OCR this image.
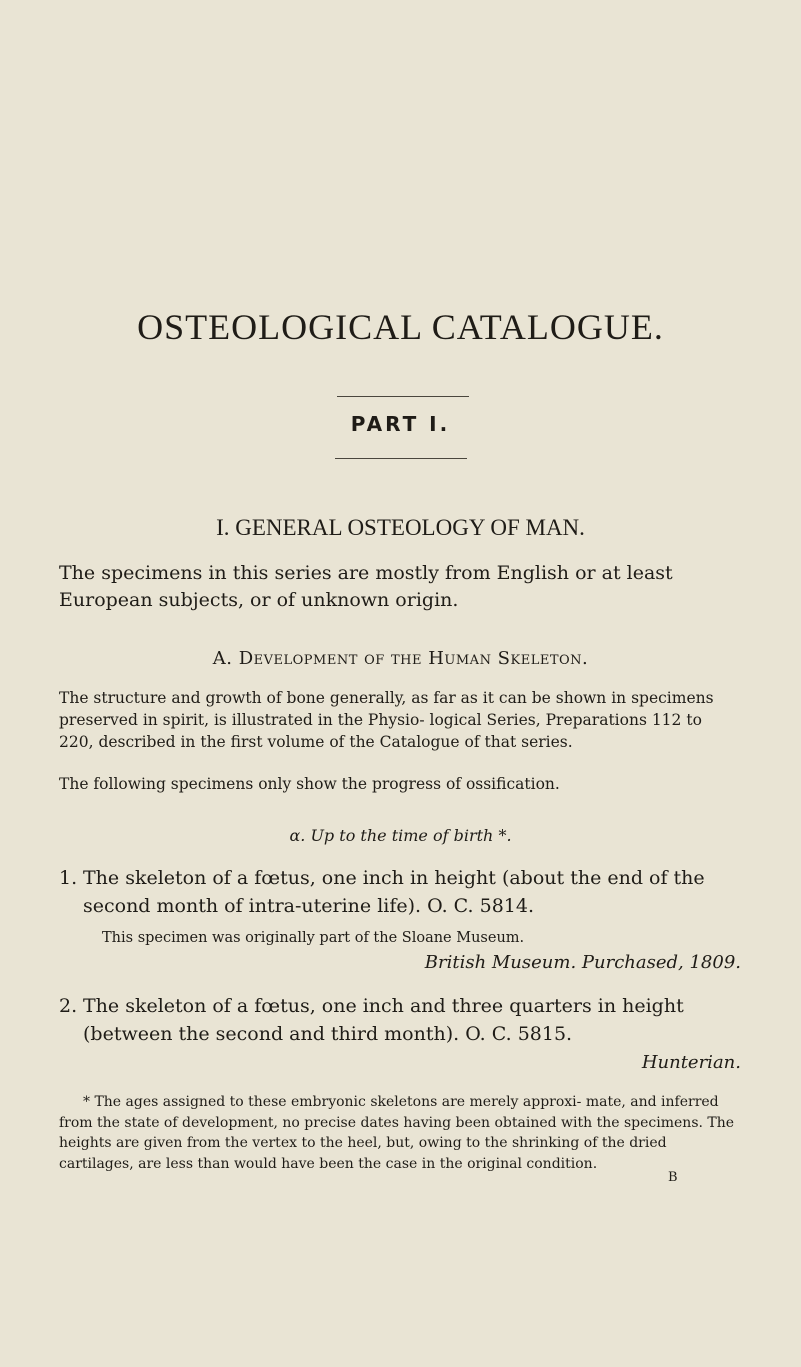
OSTEOLOGICAL CATALOGUE.
PART I.
I. GENERAL OSTEOLOGY OF MAN.
The specimens in this series are mostly from English or at least European subjects, or of unknown origin.
A. Development of the Human Skeleton.
The structure and growth of bone generally, as far as it can be shown in specimens preserved in spirit, is illustrated in the Physio- logical Series, Preparations 112 to 220, described in the first volume of the Catalogue of that series.
The following specimens only show the progress of ossification.
α. Up to the time of birth *.
1. The skeleton of a fœtus, one inch in height (about the end of the second month of intra-uterine life). O. C. 5814.
This specimen was originally part of the Sloane Museum.
British Museum. Purchased, 1809.
2. The skeleton of a fœtus, one inch and three quarters in height (between the second and third month). O. C. 5815.
Hunterian.
* The ages assigned to these embryonic skeletons are merely approxi- mate, and inferred from the state of development, no precise dates having been obtained with the specimens. The heights are given from the vertex to the heel, but, owing to the shrinking of the dried cartilages, are less than would have been the case in the original condition.
B
